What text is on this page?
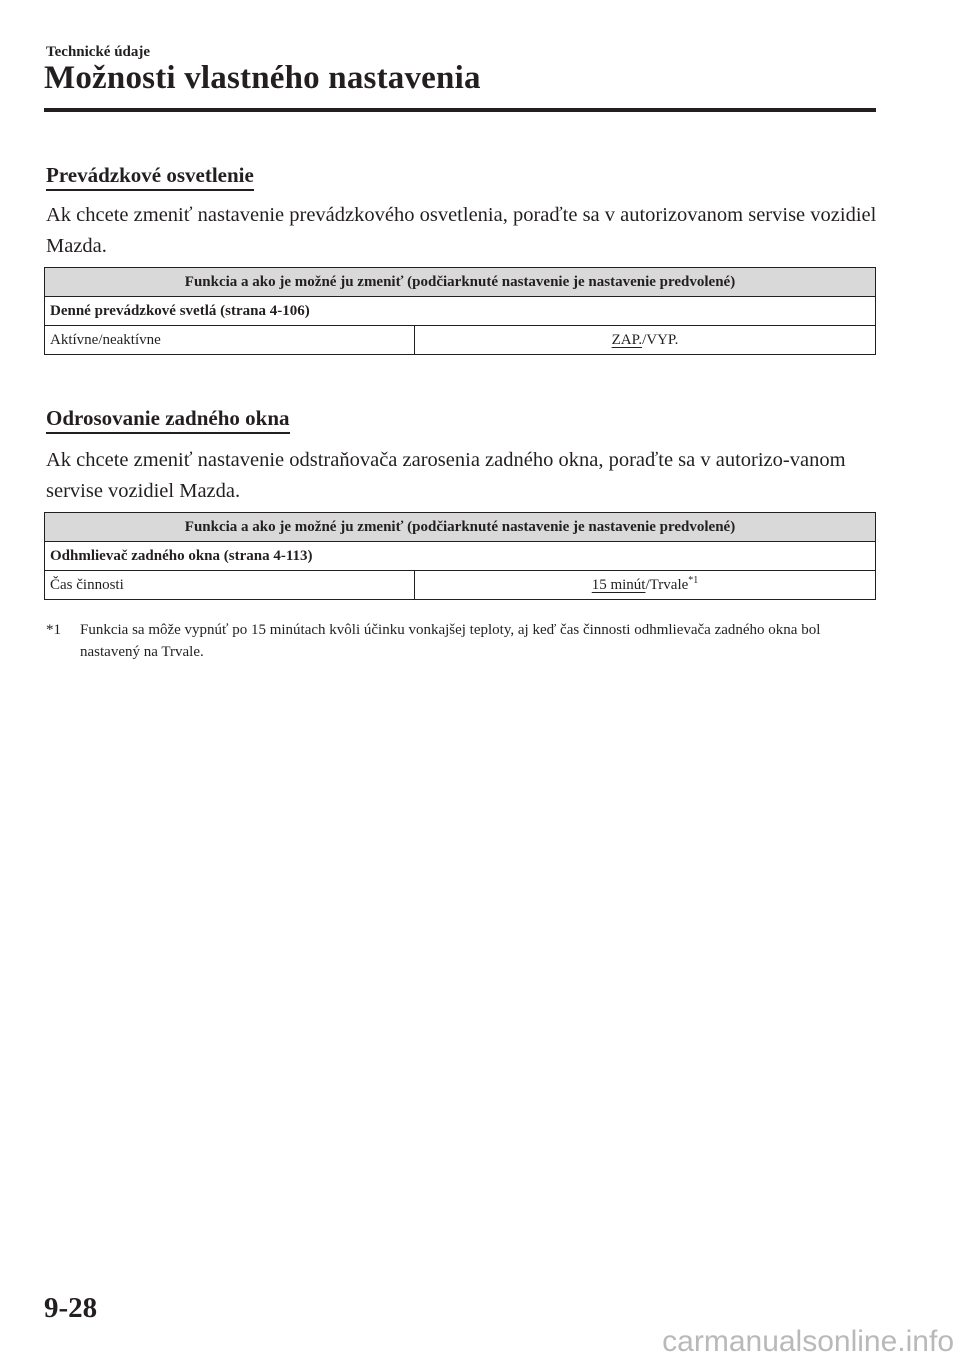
Technické údaje
Možnosti vlastného nastavenia
Prevádzkové osvetlenie
Ak chcete zmeniť nastavenie prevádzkového osvetlenia, poraďte sa v autorizovanom servise vozidiel Mazda.
Funkcia a ako je možné ju zmeniť (podčiarknuté nastavenie je nastavenie predvolené)
Denné prevádzkové svetlá (strana 4-106)
Aktívne/neaktívne	ZAP./VYP.
Odrosovanie zadného okna
Ak chcete zmeniť nastavenie odstraňovača zarosenia zadného okna, poraďte sa v autorizo-vanom servise vozidiel Mazda.
Funkcia a ako je možné ju zmeniť (podčiarknuté nastavenie je nastavenie predvolené)
Odhmlievač zadného okna (strana 4-113)
Čas činnosti	15 minút/Trvale$^{*1}$
*1 Funkcia sa môže vypnúť po 15 minútach kvôli účinku vonkajšej teploty, aj keď čas činnosti odhmlievača zadného okna bol nastavený na Trvale.
9-28
carmanualsonline.info
